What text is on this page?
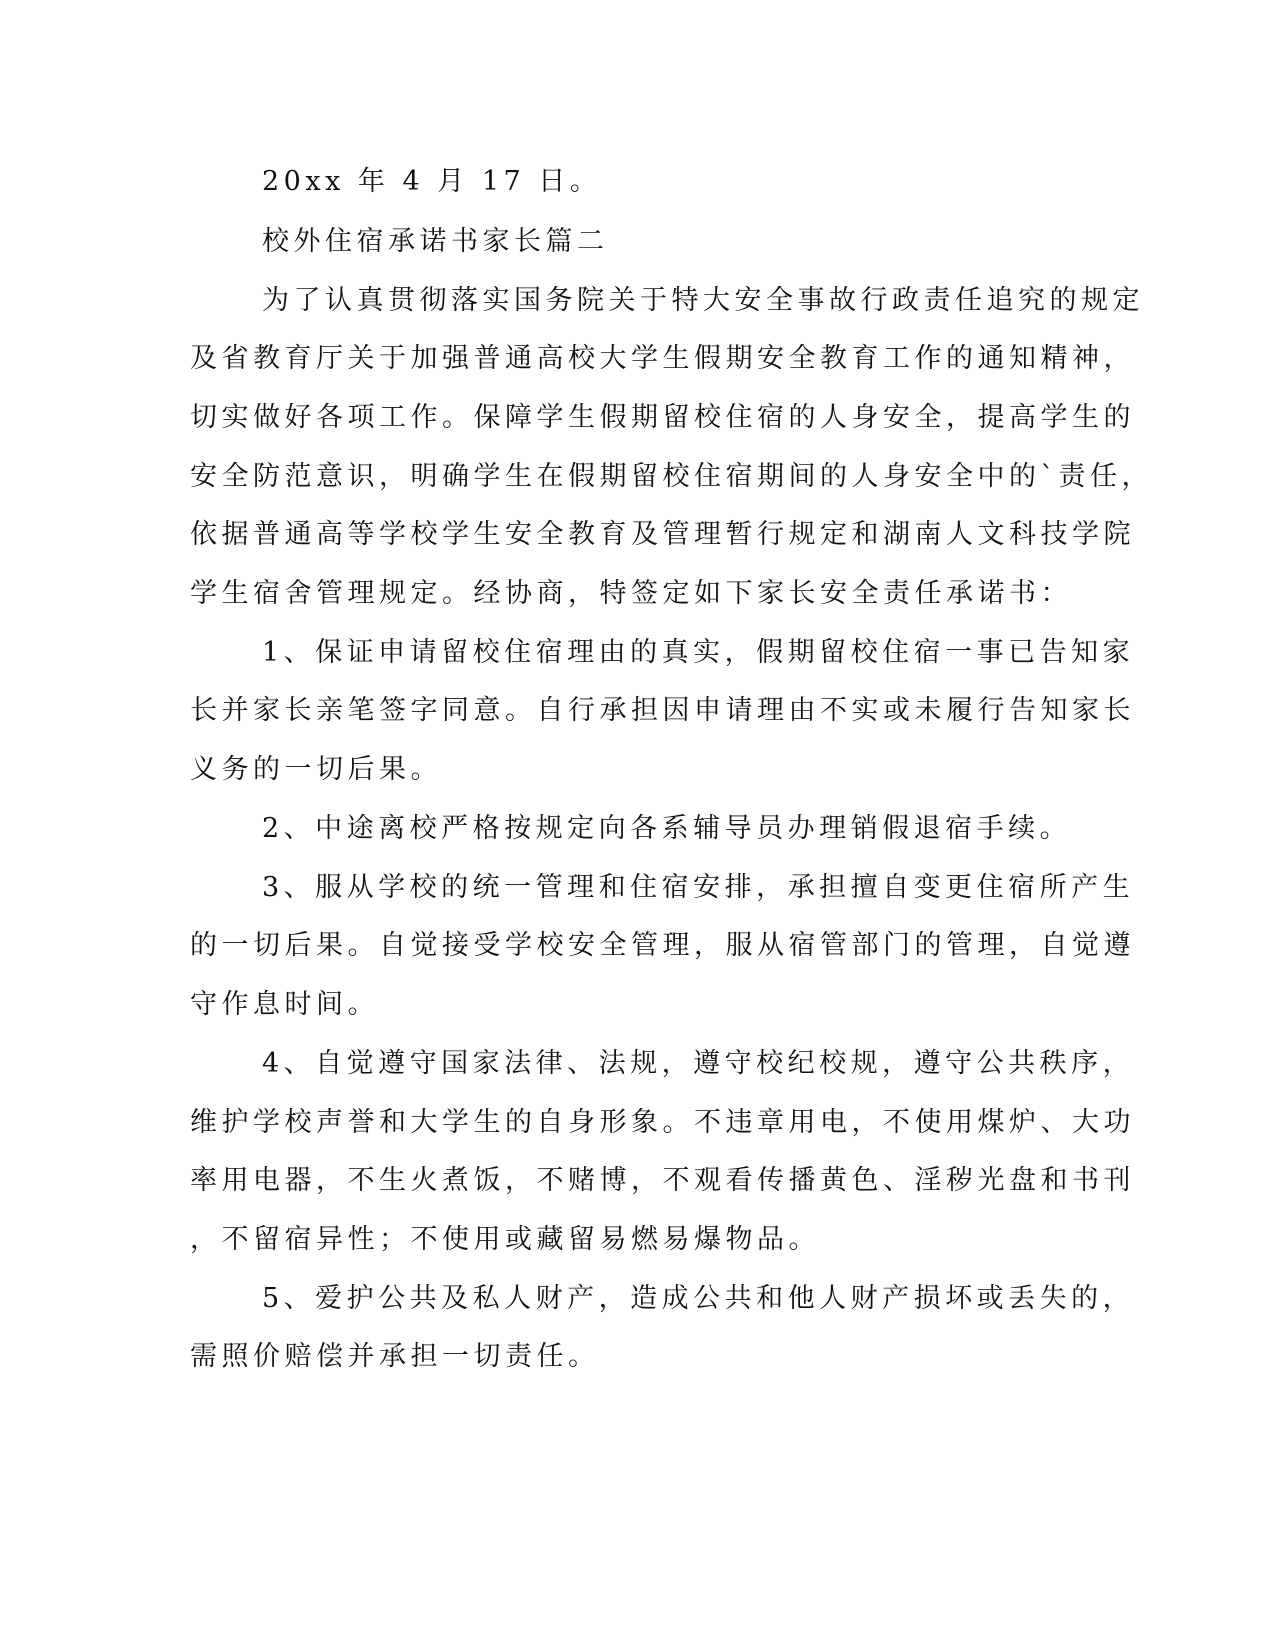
20xx 年 4 月 17 日。
校外住宿承诺书家长篇二
为了认真贯彻落实国务院关于特大安全事故行政责任追究的规定
及省教育厅关于加强普通高校大学生假期安全教育工作的通知精神，
切实做好各项工作。保障学生假期留校住宿的人身安全，提高学生的
安全防范意识，明确学生在假期留校住宿期间的人身安全中的`责任，
依据普通高等学校学生安全教育及管理暂行规定和湖南人文科技学院
学生宿舍管理规定。经协商，特签定如下家长安全责任承诺书：
1、保证申请留校住宿理由的真实，假期留校住宿一事已告知家
长并家长亲笔签字同意。自行承担因申请理由不实或未履行告知家长
义务的一切后果。
2、中途离校严格按规定向各系辅导员办理销假退宿手续。
3、服从学校的统一管理和住宿安排，承担擅自变更住宿所产生
的一切后果。自觉接受学校安全管理，服从宿管部门的管理，自觉遵
守作息时间。
4、自觉遵守国家法律、法规，遵守校纪校规，遵守公共秩序，
维护学校声誉和大学生的自身形象。不违章用电，不使用煤炉、大功
率用电器，不生火煮饭，不赌博，不观看传播黄色、淫秽光盘和书刊
，不留宿异性；不使用或藏留易燃易爆物品。
5、爱护公共及私人财产，造成公共和他人财产损坏或丢失的，
需照价赔偿并承担一切责任。
